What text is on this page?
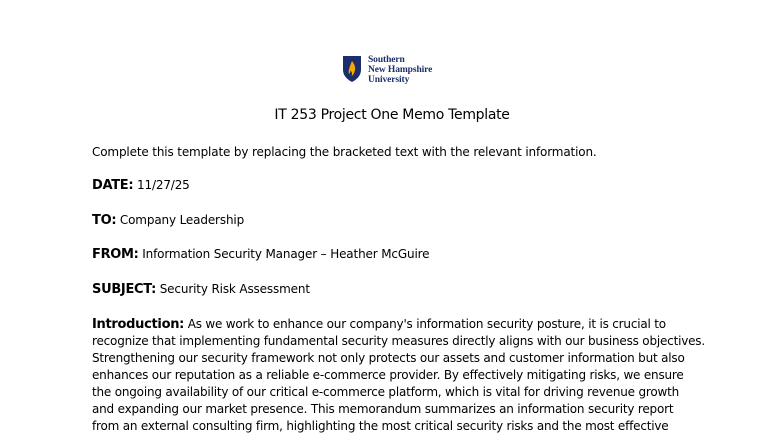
Southern
New Hampshire
University
IT 253 Project One Memo Template
Complete this template by replacing the bracketed text with the relevant information.
DATE: 11/27/25
TO: Company Leadership
FROM: Information Security Manager – Heather McGuire
SUBJECT: Security Risk Assessment
Introduction: As we work to enhance our company's information security posture, it is crucial to
recognize that implementing fundamental security measures directly aligns with our business objectives.
Strengthening our security framework not only protects our assets and customer information but also
enhances our reputation as a reliable e-commerce provider. By effectively mitigating risks, we ensure
the ongoing availability of our critical e-commerce platform, which is vital for driving revenue growth
and expanding our market presence. This memorandum summarizes an information security report
from an external consulting firm, highlighting the most critical security risks and the most effective
